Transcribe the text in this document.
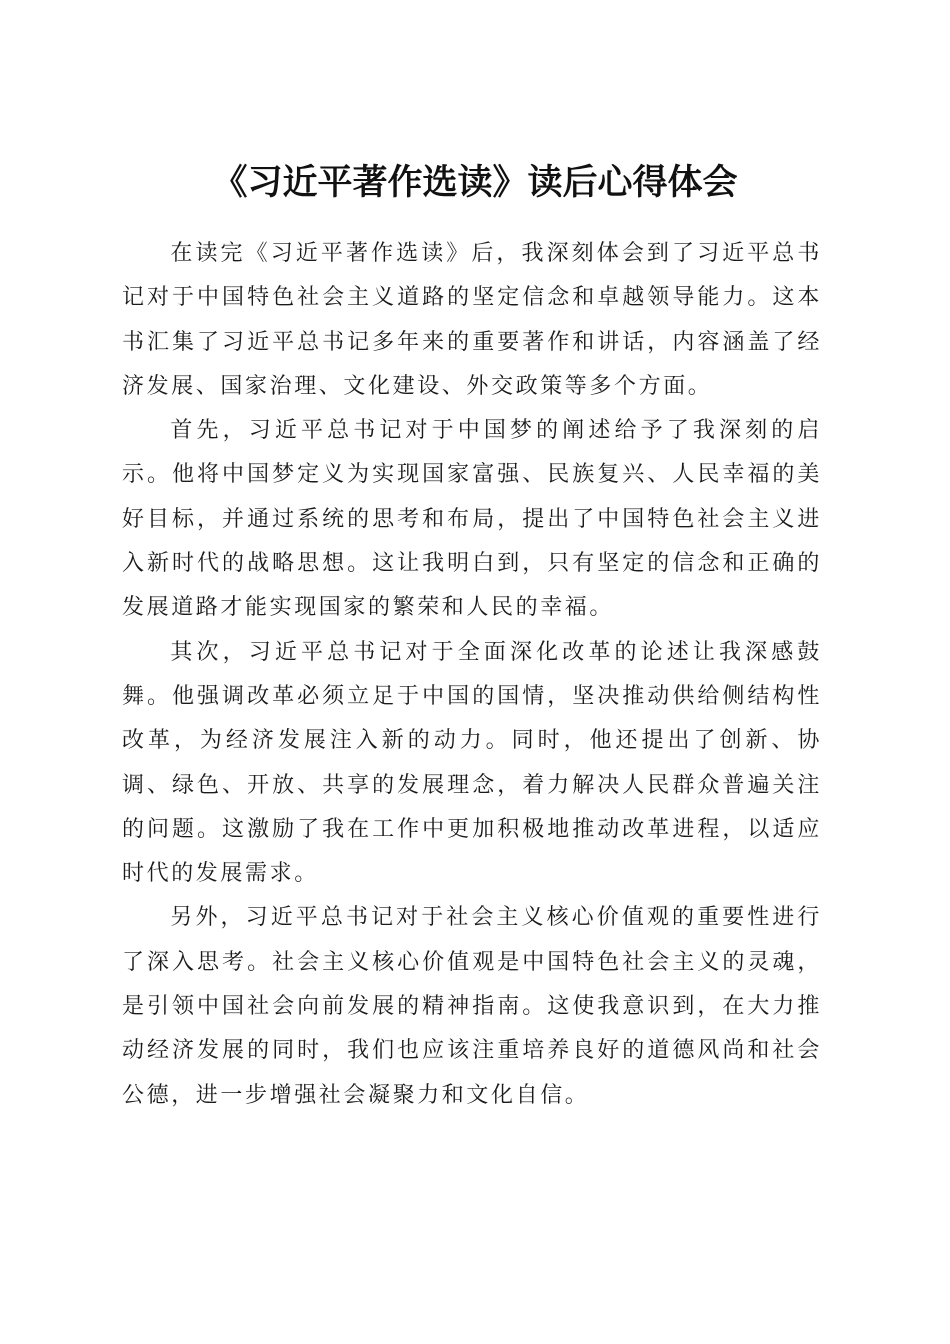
《习近平著作选读》读后心得体会

在读完《习近平著作选读》后，我深刻体会到了习近平总书记对于中国特色社会主义道路的坚定信念和卓越领导能力。这本书汇集了习近平总书记多年来的重要著作和讲话，内容涵盖了经济发展、国家治理、文化建设、外交政策等多个方面。

首先，习近平总书记对于中国梦的阐述给予了我深刻的启示。他将中国梦定义为实现国家富强、民族复兴、人民幸福的美好目标，并通过系统的思考和布局，提出了中国特色社会主义进入新时代的战略思想。这让我明白到，只有坚定的信念和正确的发展道路才能实现国家的繁荣和人民的幸福。

其次，习近平总书记对于全面深化改革的论述让我深感鼓舞。他强调改革必须立足于中国的国情，坚决推动供给侧结构性改革，为经济发展注入新的动力。同时，他还提出了创新、协调、绿色、开放、共享的发展理念，着力解决人民群众普遍关注的问题。这激励了我在工作中更加积极地推动改革进程，以适应时代的发展需求。

另外，习近平总书记对于社会主义核心价值观的重要性进行了深入思考。社会主义核心价值观是中国特色社会主义的灵魂，是引领中国社会向前发展的精神指南。这使我意识到，在大力推动经济发展的同时，我们也应该注重培养良好的道德风尚和社会公德，进一步增强社会凝聚力和文化自信。
